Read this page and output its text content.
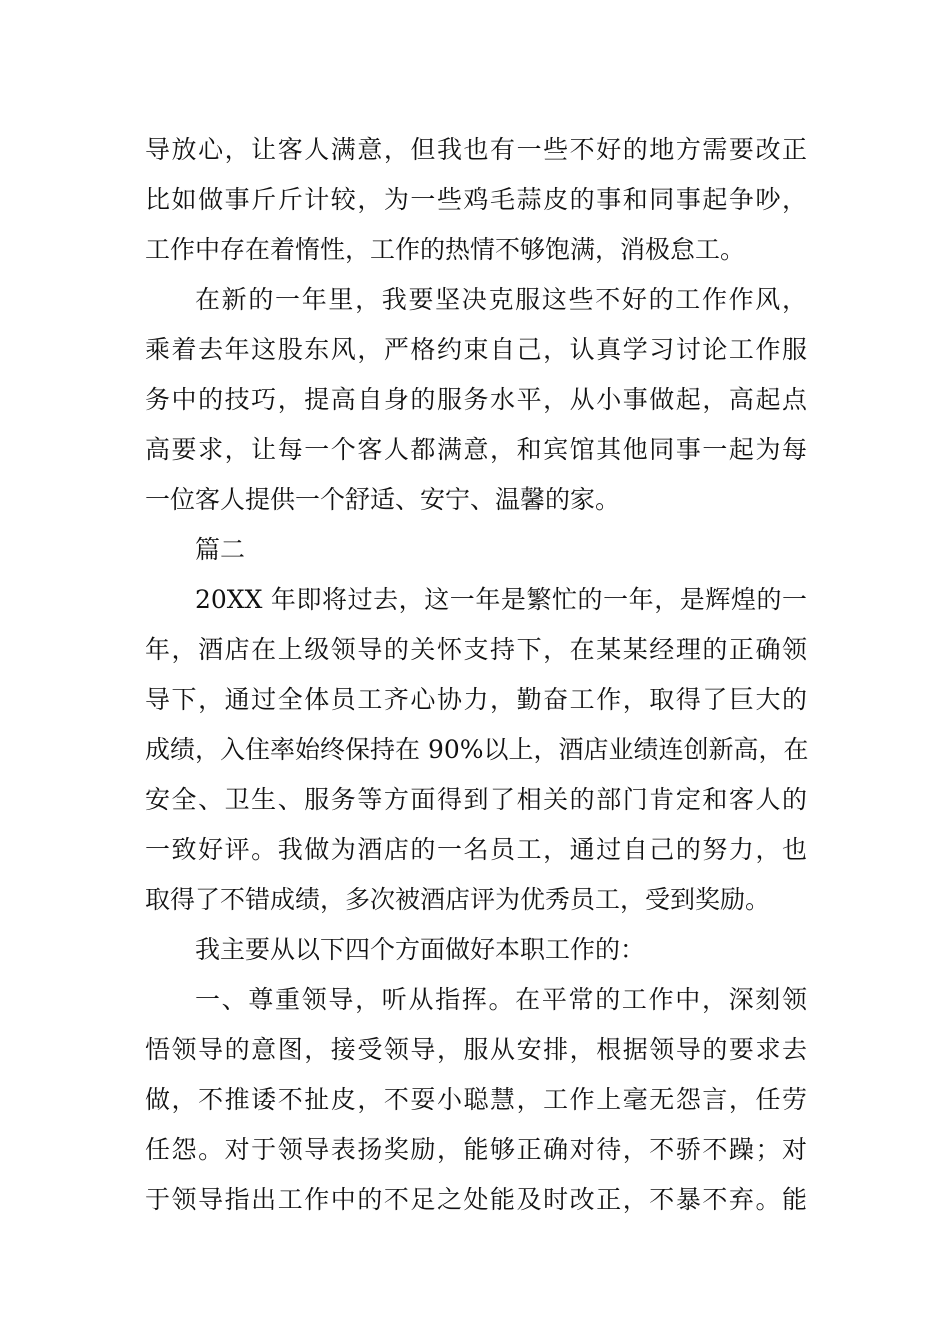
导放心，让客人满意，但我也有一些不好的地方需要改正
比如做事斤斤计较，为一些鸡毛蒜皮的事和同事起争吵，
工作中存在着惰性，工作的热情不够饱满，消极怠工。
在新的一年里，我要坚决克服这些不好的工作作风，
乘着去年这股东风，严格约束自己，认真学习讨论工作服
务中的技巧，提高自身的服务水平，从小事做起，高起点
高要求，让每一个客人都满意，和宾馆其他同事一起为每
一位客人提供一个舒适、安宁、温馨的家。
篇二
20XX 年即将过去，这一年是繁忙的一年，是辉煌的一
年，酒店在上级领导的关怀支持下，在某某经理的正确领
导下，通过全体员工齐心协力，勤奋工作，取得了巨大的
成绩，入住率始终保持在 90%以上，酒店业绩连创新高，在
安全、卫生、服务等方面得到了相关的部门肯定和客人的
一致好评。我做为酒店的一名员工，通过自己的努力，也
取得了不错成绩，多次被酒店评为优秀员工，受到奖励。
我主要从以下四个方面做好本职工作的：
一、尊重领导，听从指挥。在平常的工作中，深刻领
悟领导的意图，接受领导，服从安排，根据领导的要求去
做，不推诿不扯皮，不耍小聪慧，工作上毫无怨言，任劳
任怨。对于领导表扬奖励，能够正确对待，不骄不躁；对
于领导指出工作中的不足之处能及时改正，不暴不弃。能
